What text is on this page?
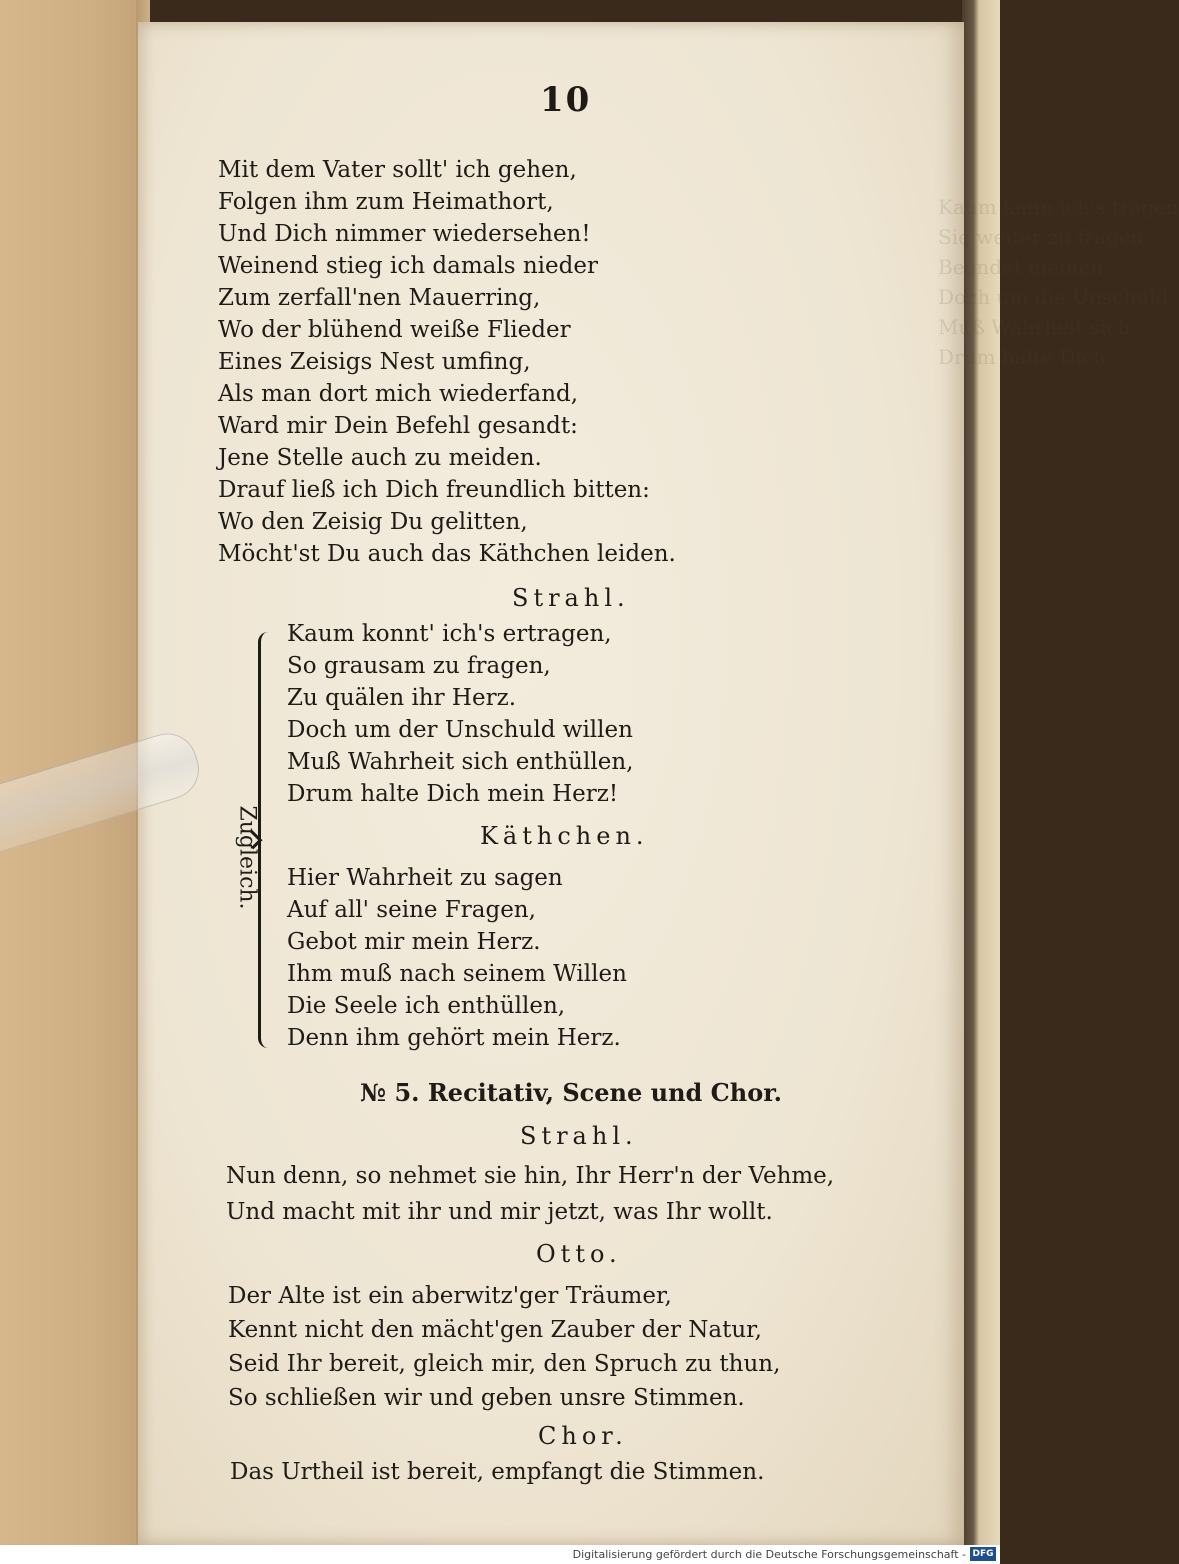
Kaum kann ich's tragen
Sie weiter zu fragen,
Beendet meinen
Doch um die Unschuld
Muß Wahrheit sich
Drum halte Dich
10
Mit dem Vater sollt' ich gehen,
Folgen ihm zum Heimathort,
Und Dich nimmer wiedersehen!
Weinend stieg ich damals nieder
Zum zerfall'nen Mauerring,
Wo der blühend weiße Flieder
Eines Zeisigs Nest umfing,
Als man dort mich wiederfand,
Ward mir Dein Befehl gesandt:
Jene Stelle auch zu meiden.
Drauf ließ ich Dich freundlich bitten:
Wo den Zeisig Du gelitten,
Möcht'st Du auch das Käthchen leiden.
Strahl.
Zugleich.
Kaum konnt' ich's ertragen,
So grausam zu fragen,
Zu quälen ihr Herz.
Doch um der Unschuld willen
Muß Wahrheit sich enthüllen,
Drum halte Dich mein Herz!
Käthchen.
Hier Wahrheit zu sagen
Auf all' seine Fragen,
Gebot mir mein Herz.
Ihm muß nach seinem Willen
Die Seele ich enthüllen,
Denn ihm gehört mein Herz.
№ 5. Recitativ, Scene und Chor.
Strahl.
Nun denn, so nehmet sie hin, Ihr Herr'n der Vehme,
Und macht mit ihr und mir jetzt, was Ihr wollt.
Otto.
Der Alte ist ein aberwitz'ger Träumer,
Kennt nicht den mächt'gen Zauber der Natur,
Seid Ihr bereit, gleich mir, den Spruch zu thun,
So schließen wir und geben unsre Stimmen.
Chor.
Das Urtheil ist bereit, empfangt die Stimmen.
Digitalisierung gefördert durch die Deutsche Forschungsgemeinschaft - DFG
